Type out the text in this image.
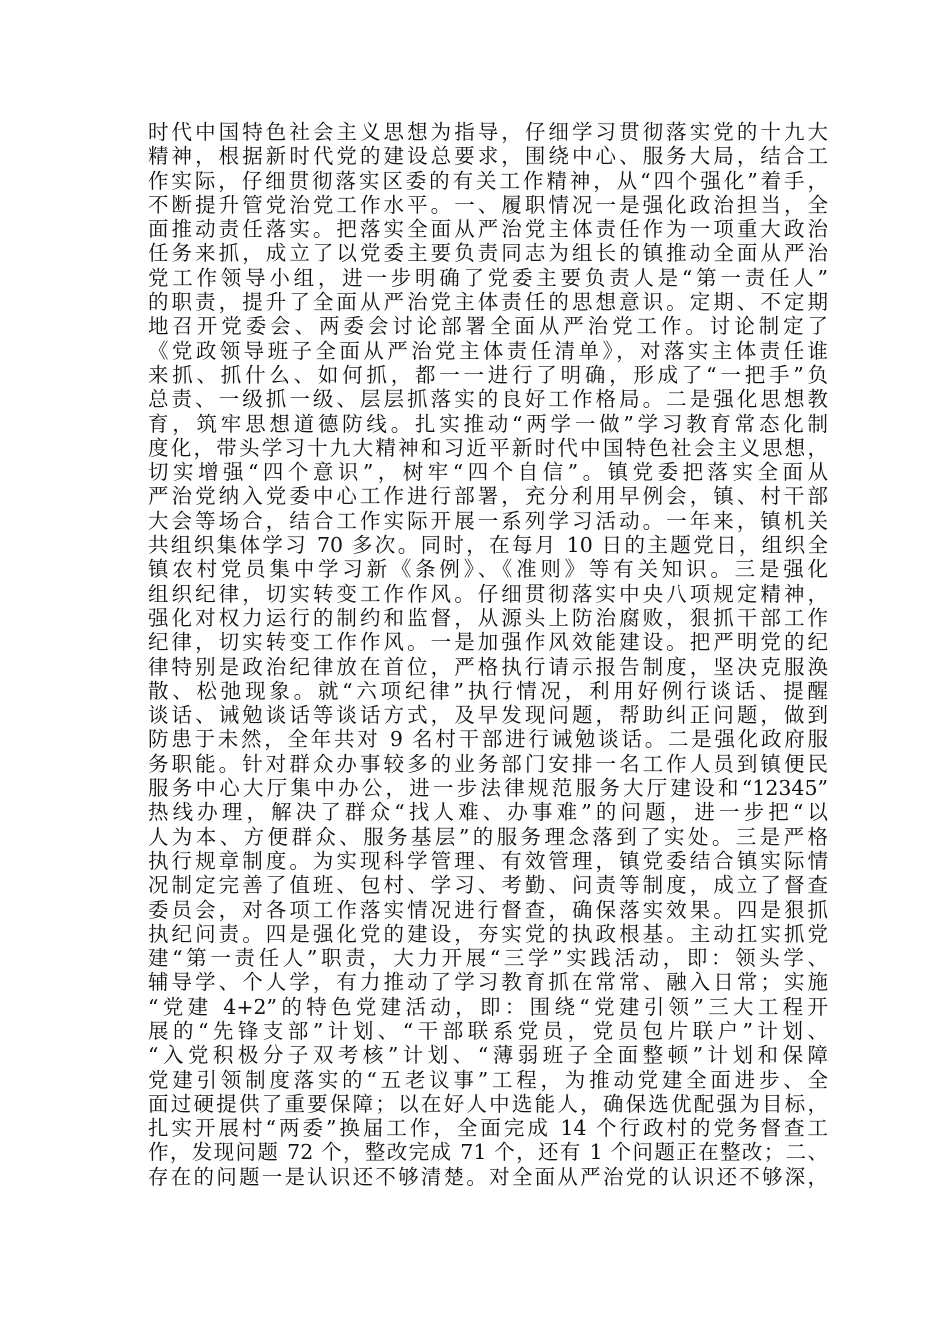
时代中国特色社会主义思想为指导，仔细学习贯彻落实党的十九大
精神，根据新时代党的建设总要求，围绕中心、服务大局，结合工
作实际，仔细贯彻落实区委的有关工作精神，从“四个强化”着手，
不断提升管党治党工作水平。一、履职情况一是强化政治担当，全
面推动责任落实。把落实全面从严治党主体责任作为一项重大政治
任务来抓，成立了以党委主要负责同志为组长的镇推动全面从严治
党工作领导小组，进一步明确了党委主要负责人是“第一责任人”
的职责，提升了全面从严治党主体责任的思想意识。定期、不定期
地召开党委会、两委会讨论部署全面从严治党工作。讨论制定了
《党政领导班子全面从严治党主体责任清单》，对落实主体责任谁
来抓、抓什么、如何抓，都一一进行了明确，形成了“一把手”负
总责、一级抓一级、层层抓落实的良好工作格局。二是强化思想教
育，筑牢思想道德防线。扎实推动“两学一做”学习教育常态化制
度化，带头学习十九大精神和习近平新时代中国特色社会主义思想，
切实增强“四个意识”，树牢“四个自信”。镇党委把落实全面从
严治党纳入党委中心工作进行部署，充分利用早例会，镇、村干部
大会等场合，结合工作实际开展一系列学习活动。一年来，镇机关
共组织集体学习 70 多次。同时，在每月 10 日的主题党日，组织全
镇农村党员集中学习新《条例》、《准则》等有关知识。三是强化
组织纪律，切实转变工作作风。仔细贯彻落实中央八项规定精神，
强化对权力运行的制约和监督，从源头上防治腐败，狠抓干部工作
纪律，切实转变工作作风。一是加强作风效能建设。把严明党的纪
律特别是政治纪律放在首位，严格执行请示报告制度，坚决克服涣
散、松弛现象。就“六项纪律”执行情况，利用好例行谈话、提醒
谈话、诫勉谈话等谈话方式，及早发现问题，帮助纠正问题，做到
防患于未然，全年共对 9 名村干部进行诫勉谈话。二是强化政府服
务职能。针对群众办事较多的业务部门安排一名工作人员到镇便民
服务中心大厅集中办公，进一步法律规范服务大厅建设和“12345”
热线办理，解决了群众“找人难、办事难”的问题，进一步把“以
人为本、方便群众、服务基层”的服务理念落到了实处。三是严格
执行规章制度。为实现科学管理、有效管理，镇党委结合镇实际情
况制定完善了值班、包村、学习、考勤、问责等制度，成立了督查
委员会，对各项工作落实情况进行督查，确保落实效果。四是狠抓
执纪问责。四是强化党的建设，夯实党的执政根基。主动扛实抓党
建“第一责任人”职责，大力开展“三学”实践活动，即：领头学、
辅导学、个人学，有力推动了学习教育抓在常常、融入日常；实施
“党建 4+2”的特色党建活动，即：围绕“党建引领”三大工程开
展的“先锋支部”计划、“干部联系党员，党员包片联户”计划、
“入党积极分子双考核”计划、“薄弱班子全面整顿”计划和保障
党建引领制度落实的“五老议事”工程，为推动党建全面进步、全
面过硬提供了重要保障；以在好人中选能人，确保选优配强为目标，
扎实开展村“两委”换届工作，全面完成 14 个行政村的党务督查工
作，发现问题 72 个，整改完成 71 个，还有 1 个问题正在整改；二、
存在的问题一是认识还不够清楚。对全面从严治党的认识还不够深，
